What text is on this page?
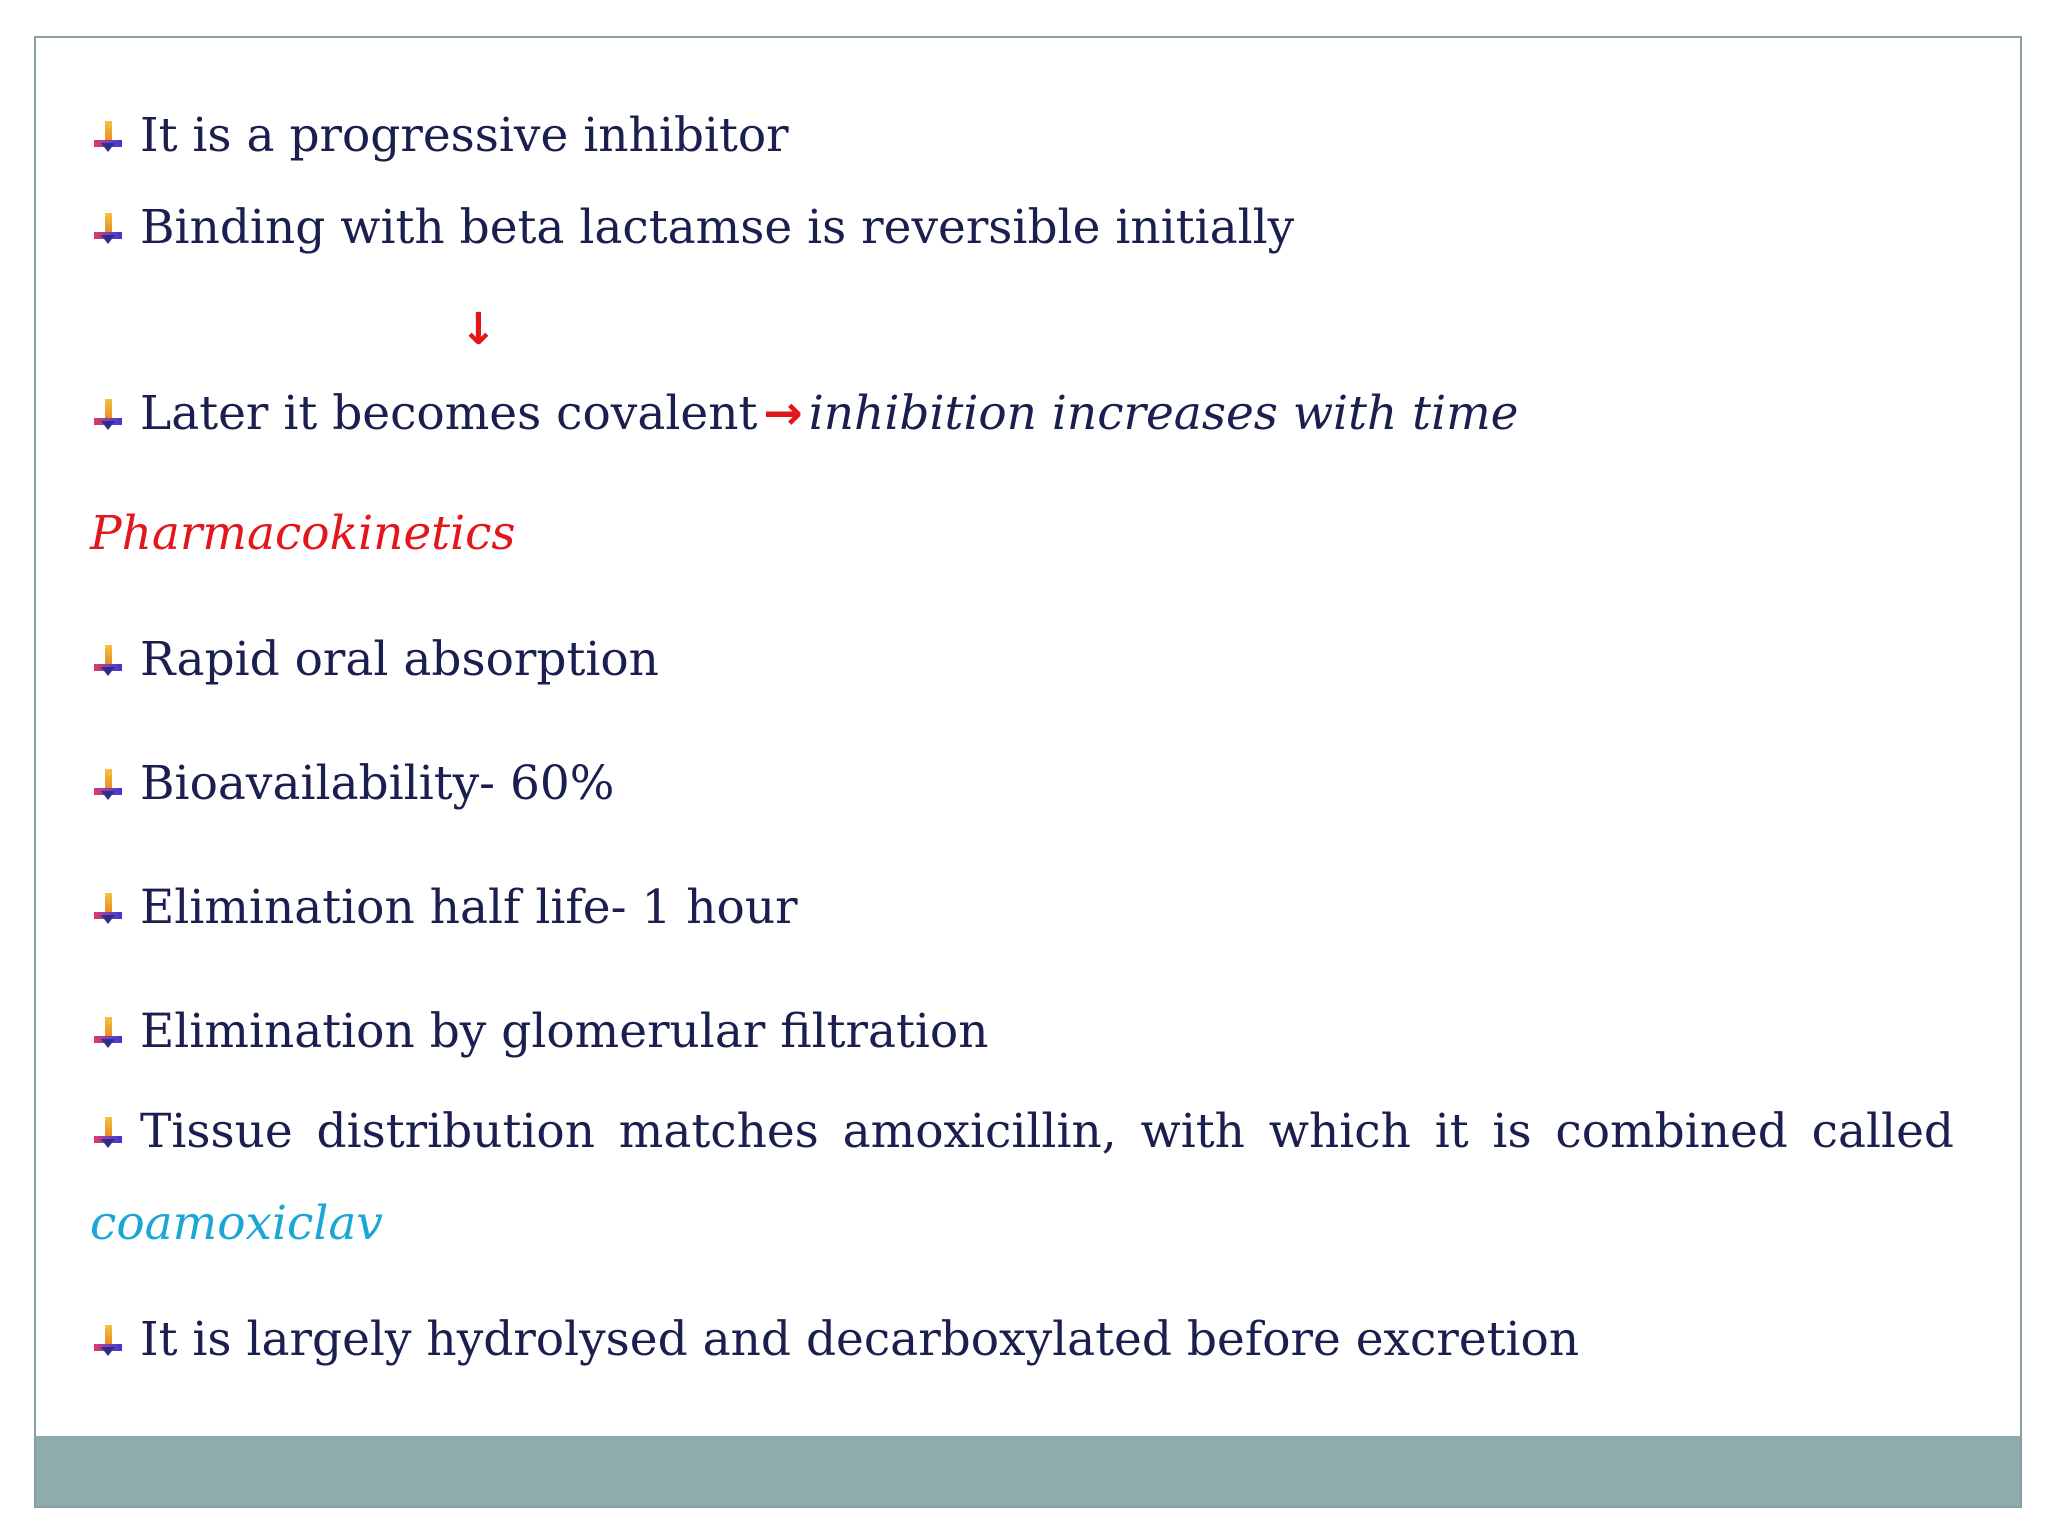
It is a progressive inhibitor
Binding with beta lactamse is reversible initially
↓
Later it becomes covalent → inhibition increases with time
Pharmacokinetics
Rapid oral absorption
Bioavailability- 60%
Elimination half life- 1 hour
Elimination by glomerular filtration
Tissue distribution matches amoxicillin, with which it is combined called
coamoxiclav
It is largely hydrolysed and decarboxylated before excretion
